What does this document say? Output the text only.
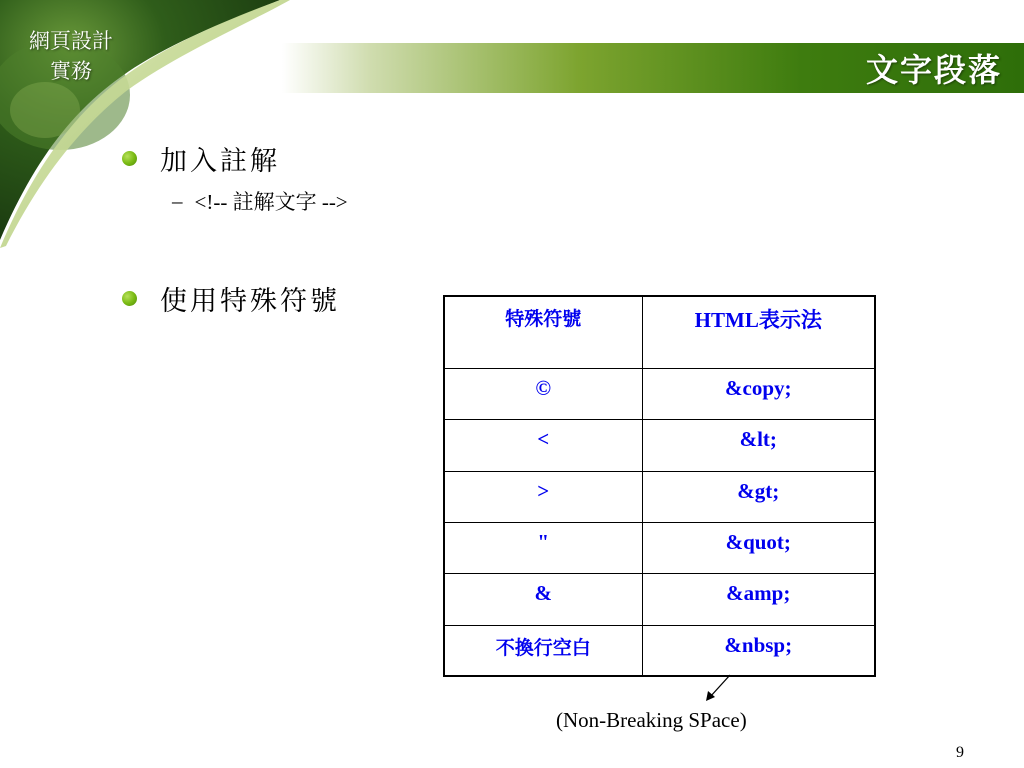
網頁設計
實務	文字段落
加入註解
– <!-- 註解文字 -->
使用特殊符號
特殊符號	HTML表示法
©	&copy;
<	&lt;
>	&gt;
"	&quot;
&	&amp;
不換行空白	&nbsp;
(Non-Breaking SPace)
9
